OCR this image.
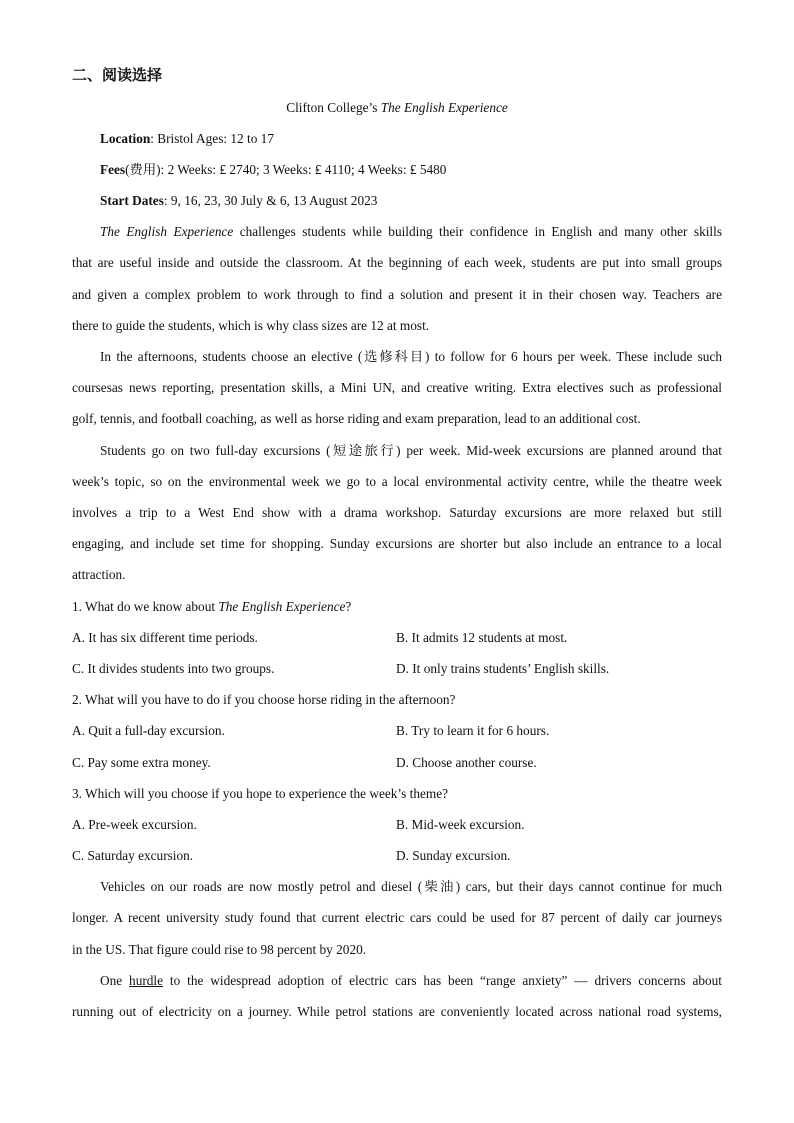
二、阅读选择
Clifton College’s The English Experience
Location: Bristol Ages: 12 to 17
Fees(费用): 2 Weeks: ₤ 2740; 3 Weeks: ₤ 4110; 4 Weeks: ₤ 5480
Start Dates: 9, 16, 23, 30 July & 6, 13 August 2023
The English Experience challenges students while building their confidence in English and many other skills
that are useful inside and outside the classroom. At the beginning of each week, students are put into small groups
and given a complex problem to work through to find a solution and present it in their chosen way. Teachers are
there to guide the students, which is why class sizes are 12 at most.
In the afternoons, students choose an elective (选修科目) to follow for 6 hours per week. These include such
coursesas news reporting, presentation skills, a Mini UN, and creative writing. Extra electives such as professional
golf, tennis, and football coaching, as well as horse riding and exam preparation, lead to an additional cost.
Students go on two full-day excursions (短途旅行) per week. Mid-week excursions are planned around that
week’s topic, so on the environmental week we go to a local environmental activity centre, while the theatre week
involves a trip to a West End show with a drama workshop. Saturday excursions are more relaxed but still
engaging, and include set time for shopping. Sunday excursions are shorter but also include an entrance to a local
attraction.
1. What do we know about The English Experience?
A. It has six different time periods.	B. It admits 12 students at most.
C. It divides students into two groups.	D. It only trains students’ English skills.
2. What will you have to do if you choose horse riding in the afternoon?
A. Quit a full-day excursion.	B. Try to learn it for 6 hours.
C. Pay some extra money.	D. Choose another course.
3. Which will you choose if you hope to experience the week’s theme?
A. Pre-week excursion.	B. Mid-week excursion.
C. Saturday excursion.	D. Sunday excursion.
Vehicles on our roads are now mostly petrol and diesel (柴油) cars, but their days cannot continue for much
longer. A recent university study found that current electric cars could be used for 87 percent of daily car journeys
in the US. That figure could rise to 98 percent by 2020.
One hurdle to the widespread adoption of electric cars has been “range anxiety” — drivers concerns about
running out of electricity on a journey. While petrol stations are conveniently located across national road systems,
